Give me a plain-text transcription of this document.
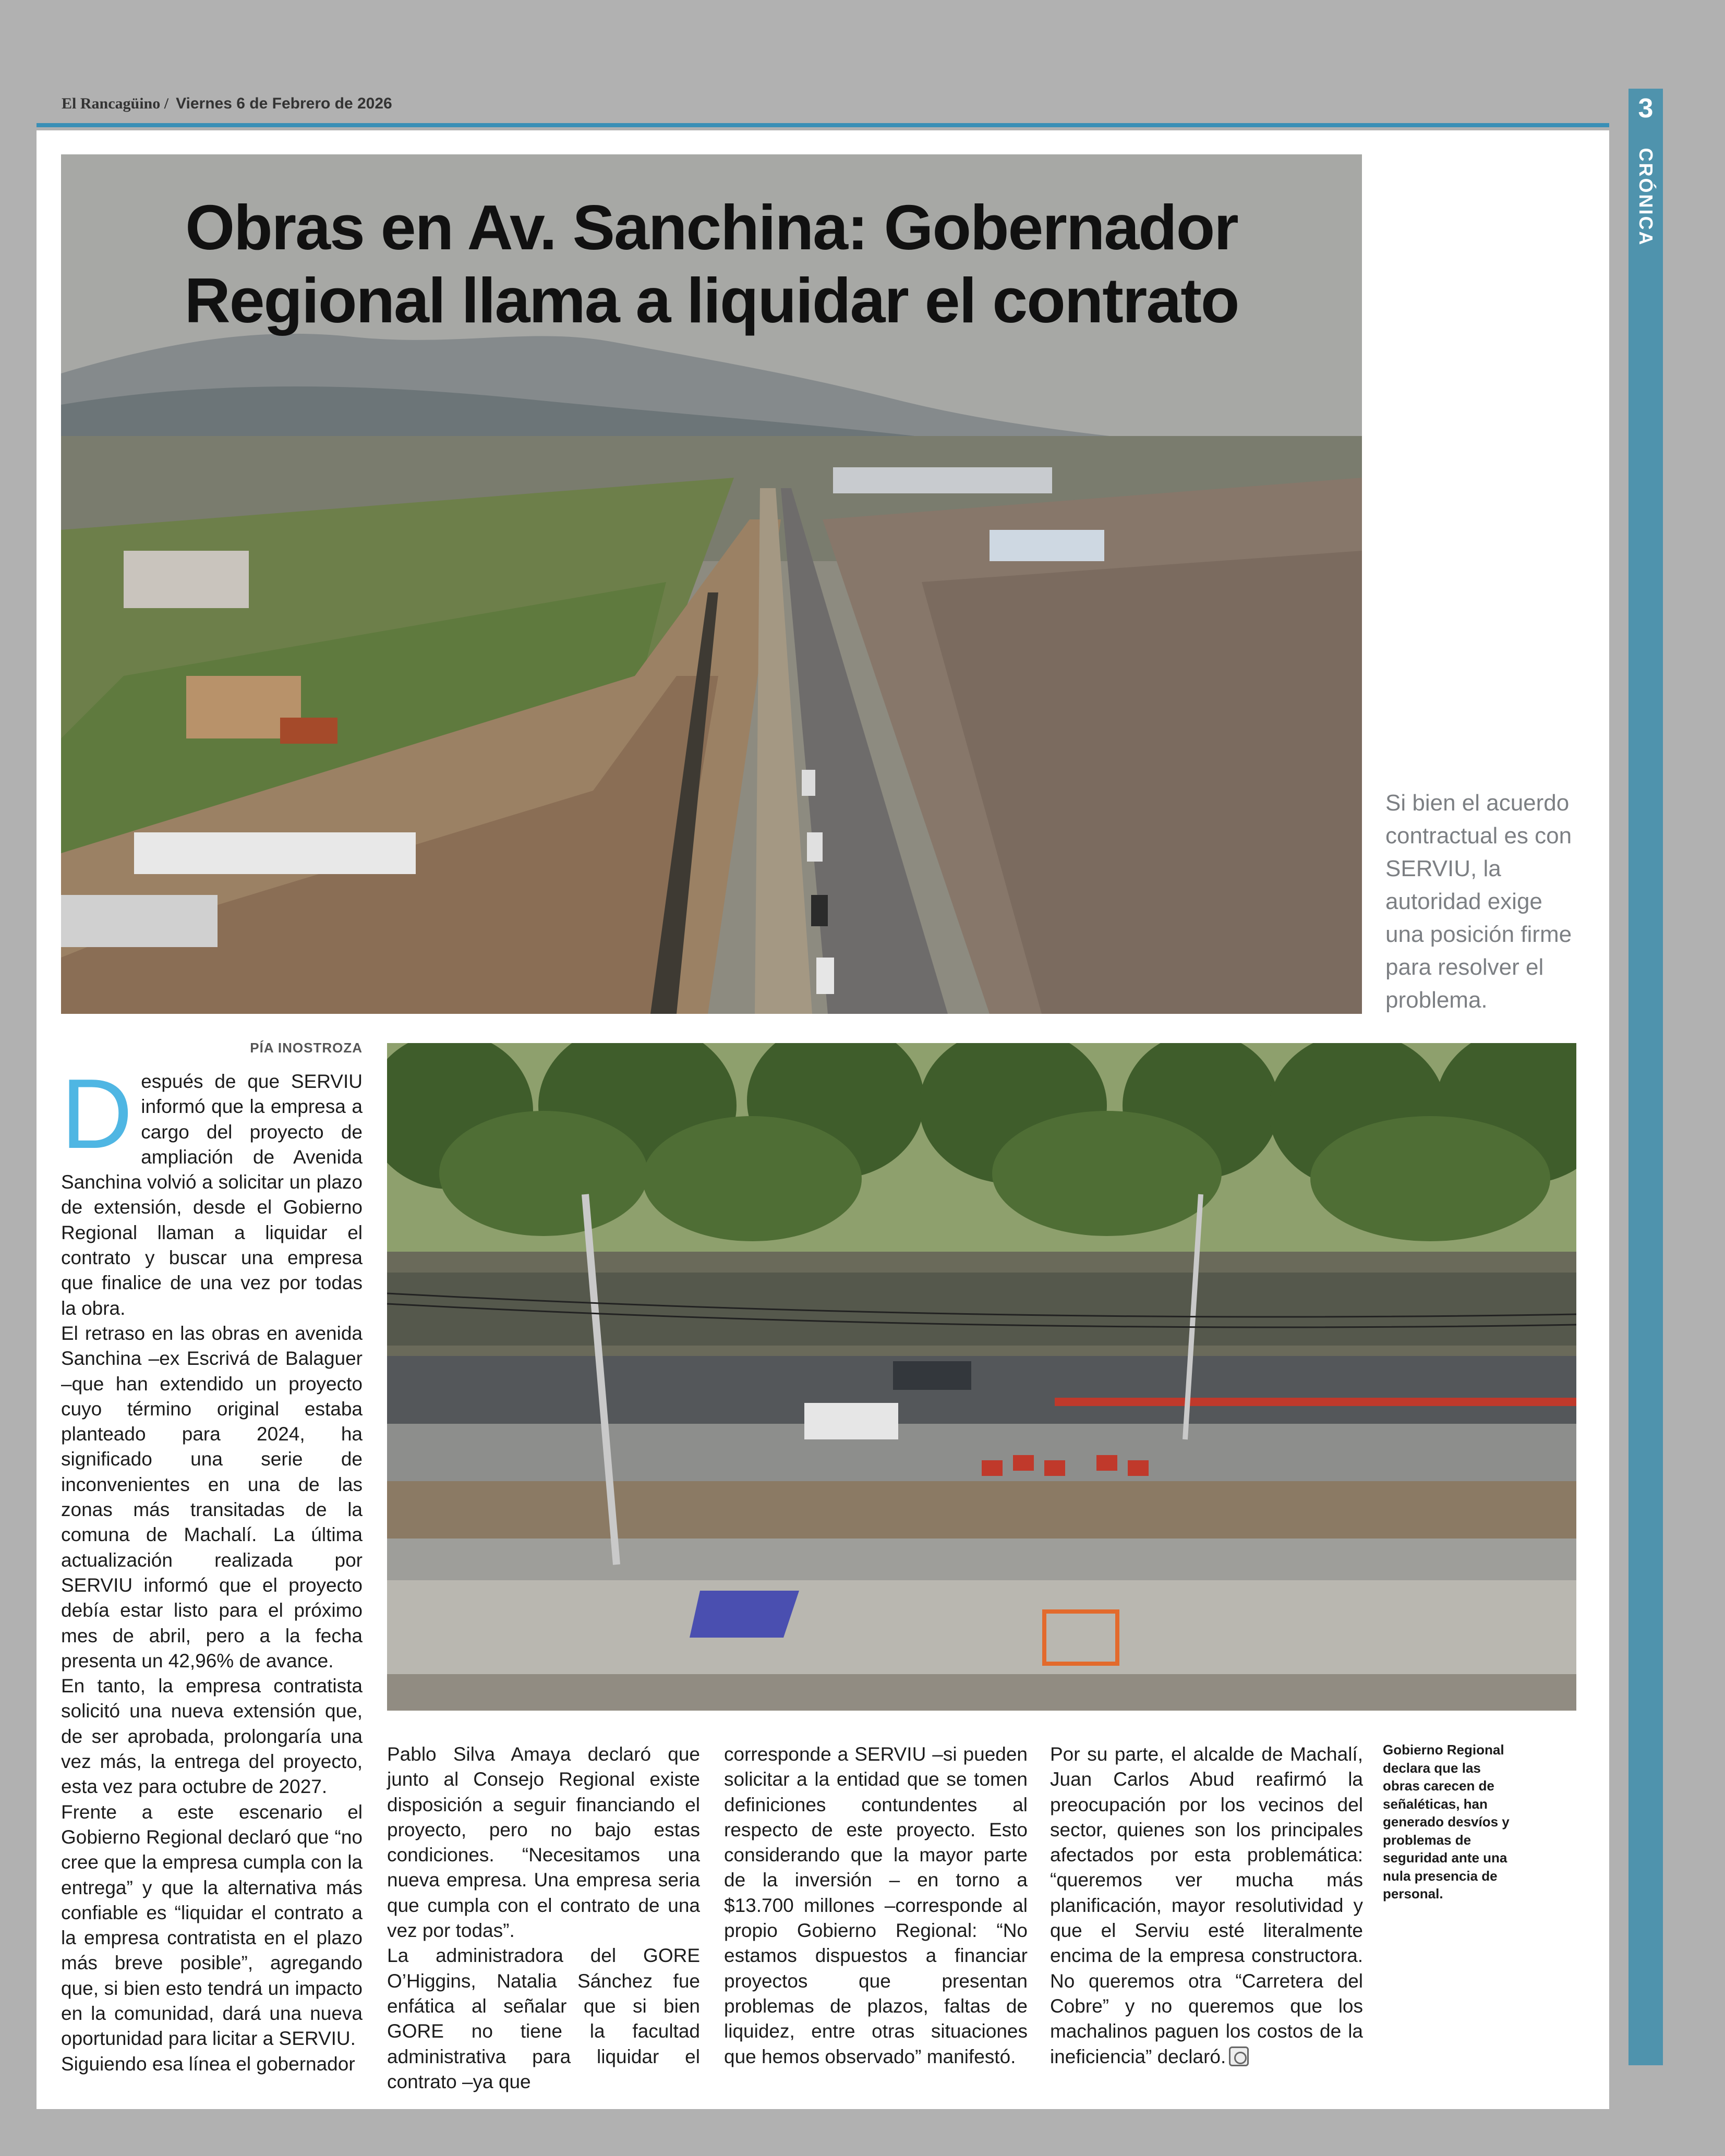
El Rancagüino / Viernes 6 de Febrero de 2026	3
CRÓNICA
Obras en Av. Sanchina: Gobernador
Regional llama a liquidar el contrato
Si bien el acuerdo contractual es con SERVIU, la autoridad exige una posición firme para resolver el problema.
PÍA INOSTROZA

Después de que SERVIU informó que la empresa a cargo del proyecto de ampliación de Avenida Sanchina volvió a solicitar un plazo de extensión, desde el Gobierno Regional llaman a liquidar el contrato y buscar una empresa que finalice de una vez por todas la obra.

El retraso en las obras en avenida Sanchina –ex Escrivá de Balaguer –que han extendido un proyecto cuyo término original estaba planteado para 2024, ha significado una serie de inconvenientes en una de las zonas más transitadas de la comuna de Machalí. La última actualización realizada por SERVIU informó que el proyecto debía estar listo para el próximo mes de abril, pero a la fecha presenta un 42,96% de avance.

En tanto, la empresa contratista solicitó una nueva extensión que, de ser aprobada, prolongaría una vez más, la entrega del proyecto, esta vez para octubre de 2027.

Frente a este escenario el Gobierno Regional declaró que “no cree que la empresa cumpla con la entrega” y que la alternativa más confiable es “liquidar el contrato a la empresa contratista en el plazo más breve posible”, agregando que, si bien esto tendrá un impacto en la comunidad, dará una nueva oportunidad para licitar a SERVIU.

Siguiendo esa línea el gobernador

Pablo Silva Amaya declaró que junto al Consejo Regional existe disposición a seguir financiando el proyecto, pero no bajo estas condiciones. “Necesitamos una nueva empresa. Una empresa seria que cumpla con el contrato de una vez por todas”.

La administradora del GORE O’Higgins, Natalia Sánchez fue enfática al señalar que si bien GORE no tiene la facultad administrativa para liquidar el contrato –ya que

corresponde a SERVIU –si pueden solicitar a la entidad que se tomen definiciones contundentes al respecto de este proyecto. Esto considerando que la mayor parte de la inversión – en torno a $13.700 millones –corresponde al propio Gobierno Regional: “No estamos dispuestos a financiar proyectos que presentan problemas de plazos, faltas de liquidez, entre otras situaciones que hemos observado” manifestó.

Por su parte, el alcalde de Machalí, Juan Carlos Abud reafirmó la preocupación por los vecinos del sector, quienes son los principales afectados por esta problemática: “queremos ver mucha más planificación, mayor resolutividad y que el Serviu esté literalmente encima de la empresa constructora. No queremos otra “Carretera del Cobre” y no queremos que los machalinos paguen los costos de la ineficiencia” declaró.

Gobierno Regional declara que las obras carecen de señaléticas, han generado desvíos y problemas de seguridad ante una nula presencia de personal.
